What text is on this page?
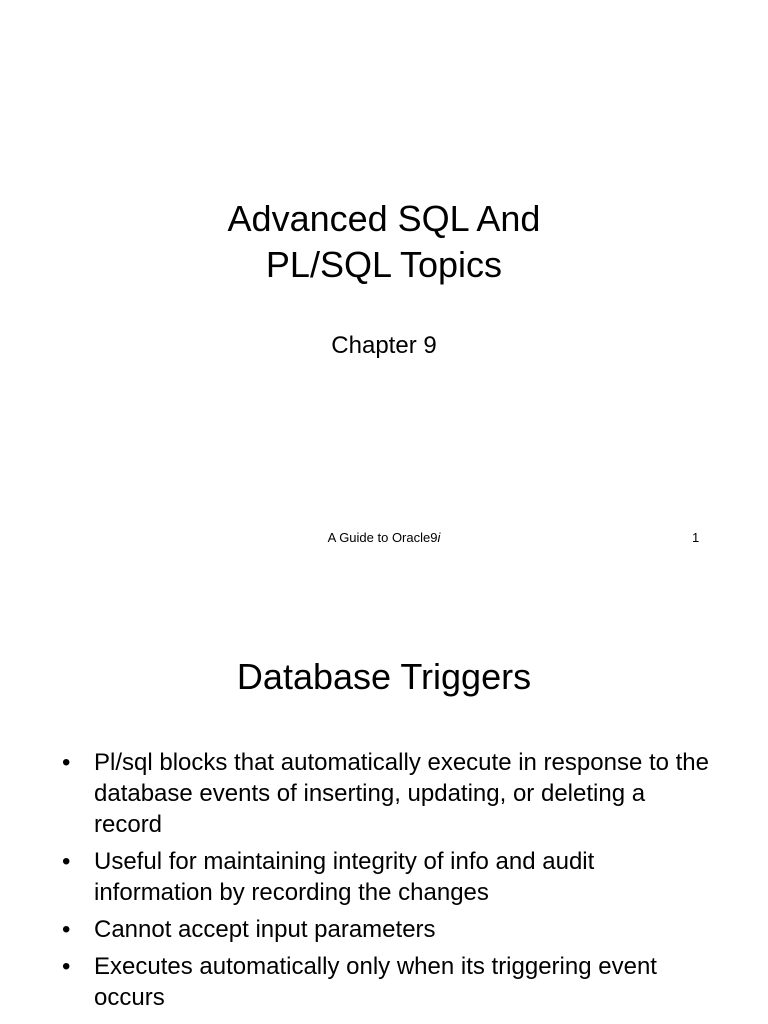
Advanced SQL And
PL/SQL Topics
Chapter 9
A Guide to Oracle9i	1
Database Triggers
• Pl/sql blocks that automatically execute in response to the database events of inserting, updating, or deleting a record
• Useful for maintaining integrity of info and audit information by recording the changes
• Cannot accept input parameters
• Executes automatically only when its triggering event occurs
